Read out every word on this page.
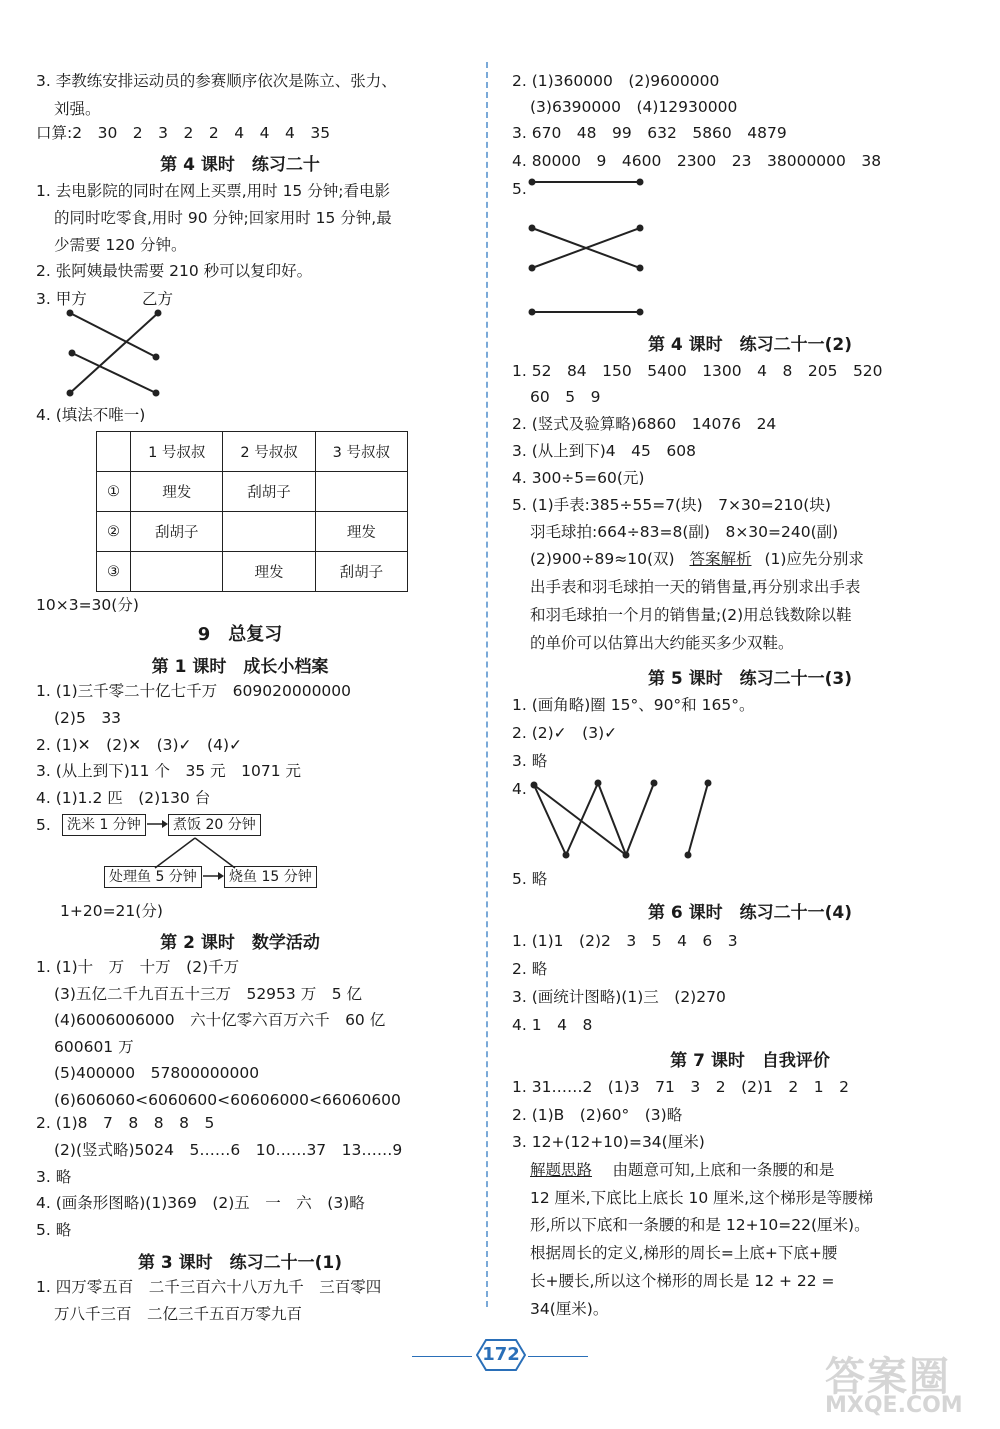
3. 李教练安排运动员的参赛顺序依次是陈立、张力、
刘强。
口算:2　30　2　3　2　2　4　4　4　35
第 4 课时　练习二十
1. 去电影院的同时在网上买票,用时 15 分钟;看电影
的同时吃零食,用时 90 分钟;回家用时 15 分钟,最
少需要 120 分钟。
2. 张阿姨最快需要 210 秒可以复印好。
3. 甲方	乙方
4. (填法不唯一)
	1 号叔叔	2 号叔叔	3 号叔叔
①	理发	刮胡子	
②	刮胡子		理发
③		理发	刮胡子
10×3=30(分)
9　总复习
第 1 课时　成长小档案
1. (1)三千零二十亿七千万　609020000000
(2)5　33
2. (1)✕　(2)✕　(3)✓　(4)✓
3. (从上到下)11 个　35 元　1071 元
4. (1)1.2 匹　(2)130 台
5.	洗米 1 分钟	煮饭 20 分钟
处理鱼 5 分钟	烧鱼 15 分钟
1+20=21(分)
第 2 课时　数学活动
1. (1)十　万　十万　(2)千万
(3)五亿二千九百五十三万　52953 万　5 亿
(4)6006006000　六十亿零六百万六千　60 亿
600601 万
(5)400000　57800000000
(6)606060<6060600<60606000<66060600
2. (1)8　7　8　8　8　5
(2)(竖式略)5024　5……6　10……37　13……9
3. 略
4. (画条形图略)(1)369　(2)五　一　六　(3)略
5. 略
第 3 课时　练习二十一(1)
1. 四万零五百　二千三百六十八万九千　三百零四
万八千三百　二亿三千五百万零九百
2. (1)360000　(2)9600000
(3)6390000　(4)12930000
3. 670　48　99　632　5860　4879
4. 80000　9　4600　2300　23　38000000　38
5.
第 4 课时　练习二十一(2)
1. 52　84　150　5400　1300　4　8　205　520
60　5　9
2. (竖式及验算略)6860　14076　24
3. (从上到下)4　45　608
4. 300÷5=60(元)
5. (1)手表:385÷55=7(块)　7×30=210(块)
羽毛球拍:664÷83=8(副)　8×30=240(副)
(2)900÷89≈10(双) 答案解析 (1)应先分别求
出手表和羽毛球拍一天的销售量,再分别求出手表
和羽毛球拍一个月的销售量;(2)用总钱数除以鞋
的单价可以估算出大约能买多少双鞋。
第 5 课时　练习二十一(3)
1. (画角略)圈 15°、90°和 165°。
2. (2)✓　(3)✓
3. 略
4.
5. 略
第 6 课时　练习二十一(4)
1. (1)1　(2)2　3　5　4　6　3
2. 略
3. (画统计图略)(1)三　(2)270
4. 1　4　8
第 7 课时　自我评价
1. 31……2　(1)3　71　3　2　(2)1　2　1　2
2. (1)B　(2)60°　(3)略
3. 12+(12+10)=34(厘米)
解题思路 　由题意可知,上底和一条腰的和是
12 厘米,下底比上底长 10 厘米,这个梯形是等腰梯
形,所以下底和一条腰的和是 12+10=22(厘米)。
根据周长的定义,梯形的周长=上底+下底+腰
长+腰长,所以这个梯形的周长是 12 + 22 =
34(厘米)。
172	答案圈
MXQE.COM
